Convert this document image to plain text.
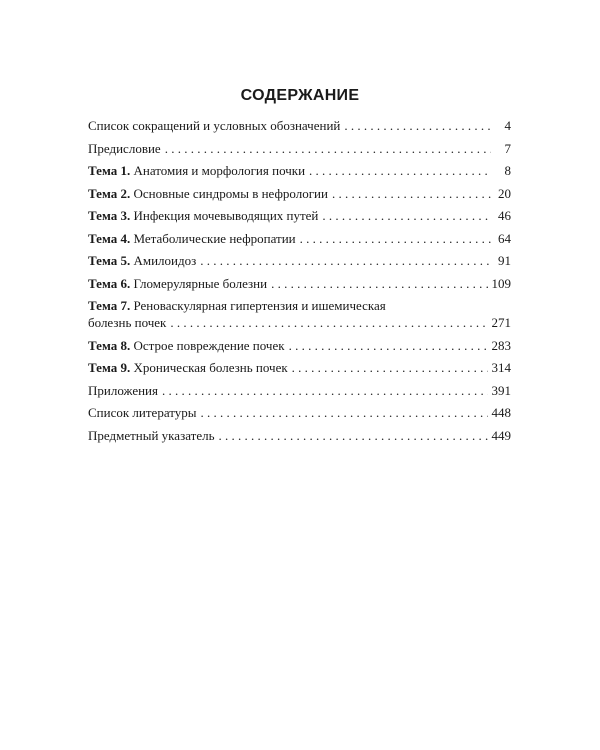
СОДЕРЖАНИЕ
Список сокращений и условных обозначений . . .	4
Предисловие . . .	7
Тема 1. Анатомия и морфология почки . . .	8
Тема 2. Основные синдромы в нефрологии . . .	20
Тема 3. Инфекция мочевыводящих путей . . .	46
Тема 4. Метаболические нефропатии . . .	64
Тема 5. Амилоидоз . . .	91
Тема 6. Гломерулярные болезни . . .	109
Тема 7. Реноваскулярная гипертензия и ишемическая
болезнь почек . . .	271
Тема 8. Острое повреждение почек . . .	283
Тема 9. Хроническая болезнь почек . . .	314
Приложения . . .	391
Список литературы . . .	448
Предметный указатель . . .	449
